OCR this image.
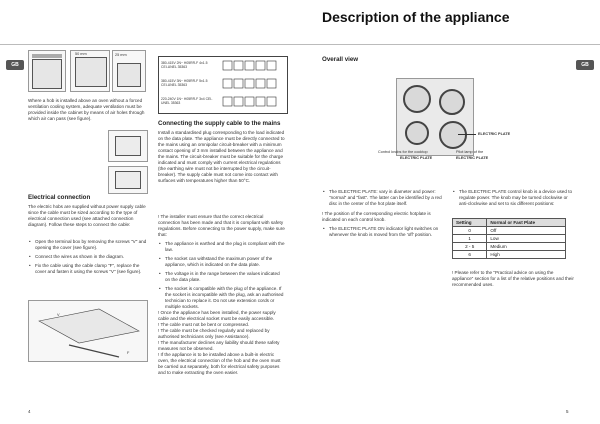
Description of the appliance
GB	GB
50 mm	25 mm
380-415V 2N~ H05RR-F 4x1.5 CEI-UNEL 35363
380-415V 3N~ H05RR-F 5x1.5 CEI-UNEL 35363
220-240V 1N~ H05RR-F 3x4 CEI-UNEL 35363
Where a hob is installed above an oven without a forced ventilation cooling system, adequate ventilation must be provided inside the cabinet by means of air holes through which air can pass (see figure).
Connecting the supply cable to the mains
Install a standardised plug corresponding to the load indicated on the data plate. The appliance must be directly connected to the mains using an omnipolar circuit-breaker with a minimum contact opening of 3 mm installed between the appliance and the mains. The circuit-breaker must be suitable for the charge indicated and must comply with current electrical regulations (the earthing wire must not be interrupted by the circuit-breaker). The supply cable must not come into contact with surfaces with temperatures higher than 50°C.
Electrical connection
The electric hobs are supplied without power supply cable since the cable must be sized according to the type of electrical connection used (see attached connection diagram). Follow these steps to connect the cable:
• Open the terminal box by removing the screws "V" and opening the cover (see figure).
• Connect the wires as shown in the diagram.
• Fix the cable using the cable clamp "F", replace the cover and fasten it using the screws "V" (see figure).
V
F
! The installer must ensure that the correct electrical connection has been made and that it is compliant with safety regulations. Before connecting to the power supply, make sure that:
• The appliance is earthed and the plug is compliant with the law.
• The socket can withstand the maximum power of the appliance, which is indicated on the data plate.
• The voltage is in the range between the values indicated on the data plate.
• The socket is compatible with the plug of the appliance. If the socket is incompatible with the plug, ask an authorised technician to replace it. Do not use extension cords or multiple sockets.
! Once the appliance has been installed, the power supply cable and the electrical socket must be easily accessible.
! The cable must not be bent or compressed.
! The cable must be checked regularly and replaced by authorised technicians only (see Assistance).
! The manufacturer declines any liability should these safety measures not be observed.
! If the appliance is to be installed above a built-in electric oven, the electrical connection of the hob and the oven must be carried out separately, both for electrical safety purposes and to make extracting the oven easier.
4
Overall view
ELECTRIC PLATE
Control knobs for the cooktop
ELECTRIC PLATE
Pilot lamp of the
ELECTRIC PLATE
• The ELECTRIC PLATE: vary in diameter and power: "normal" and "fast". The latter can be identified by a red disc in the center of the hot plate itself.
! The position of the corresponding electric hotplate is indicated on each control knob.
• The ELECTRIC PLATE ON indicator light switches on whenever the knob is moved from the 'off' position.
• The ELECTRIC PLATE control knob is a device used to regulate power. The knob may be turned clockwise or anti-clockwise and set to six different positions:
Setting	Normal or Fast Plate
0	Off
1	Low
2 - 5	Medium
6	High
! Please refer to the "Practical advice on using the appliance" section for a list of the relative positions and their recommended uses.
5
